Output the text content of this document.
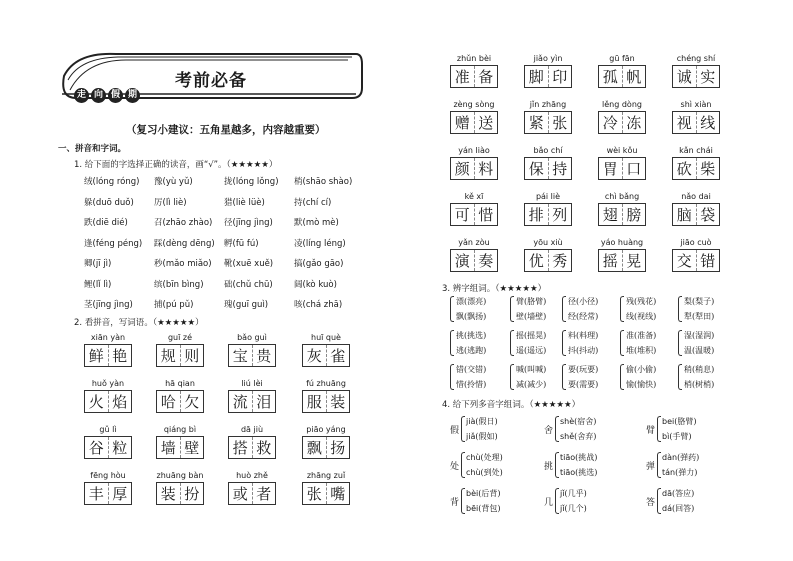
考前必备
走 向 假 期
（复习小建议：五角星越多，内容越重要）
一、拼音和字词。
1. 给下面的字选择正确的读音，画“√”。（★★★★★）
绒(lóng róng) 豫(yù yǔ)	拢(lóng lǒng) 梢(shāo shào)
躲(duō duǒ) 厉(lì liè)	猎(liè lüè)	持(chí cí)
跌(diē dié)	召(zhāo zhào) 径(jīng jìng) 默(mò mè)
逢(féng péng) 踩(dèng dēng) 孵(fū fú)	凌(líng léng)
卿(jī jì)	秒(mǎo miǎo) 靴(xuē xuě) 搞(gǎo gāo)
鲤(lǐ lì)	缤(bīn bìng) 础(chǔ chū)	阔(kò kuò)
茎(jīng jìng) 捕(pú pǔ)	瑰(guī guì)	咳(chá zhā)
2. 看拼音，写词语。（★★★★★）
xiān yàn
鲜 艳
guī zé
规 则
bǎo guì
宝 贵
huī què
灰 雀
huǒ yàn
火 焰
hā qian
哈 欠
liú lèi
流 泪
fú zhuāng
服 装
gǔ lì
谷 粒
qiáng bì
墙 壁
dā jiù
搭 救
piāo yáng
飘 扬
fēng hòu
丰 厚
zhuāng bàn
装 扮
huò zhě
或 者
zhāng zuǐ
张 嘴
zhǔn bèi
准 备
jiǎo yìn
脚 印
gū fān
孤 帆
chéng shí
诚 实
zèng sòng
赠 送
jǐn zhāng
紧 张
lěng dòng
冷 冻
shì xiàn
视 线
yán liào
颜 料
bǎo chí
保 持
wèi kǒu
胃 口
kǎn chái
砍 柴
kě xī
可 惜
pái liè
排 列
chì bǎng
翅 膀
nǎo dai
脑 袋
yǎn zòu
演 奏
yōu xiù
优 秀
yáo huàng
摇 晃
jiāo cuò
交 错
3. 辨字组词。（★★★★★）
漂(漂亮)
飘(飘扬)
臂(胳臂)
壁(墙壁)
径(小径)
经(经常)
残(残花)
线(视线)
梨(梨子)
犁(犁田)
挑(挑选)
逃(逃跑)
摇(摇晃)
遥(遥远)
料(料理)
抖(抖动)
准(准备)
堆(堆积)
湿(湿润)
温(温暖)
错(交错)
惜(拎惜)
喊(叫喊)
减(减少)
要(玩要)
要(需要)
偷(小偷)
愉(愉快)
稍(稍息)
梢(树梢)
4. 给下列多音字组词。（★★★★★）
假
jià(假日)
jiǎ(假如)
舍
shè(宿舍)
shě(舍弃)
臂
bei(胳臂)
bì(手臂)
处
chù(处理)
chù(到处)
挑
tiāo(挑战)
tiāo(挑选)
弹
dàn(弹药)
tán(弹力)
背
bèi(后背)
bēi(背包)
几
jǐ(几乎)
jǐ(几个)
答
dā(答应)
dá(回答)
